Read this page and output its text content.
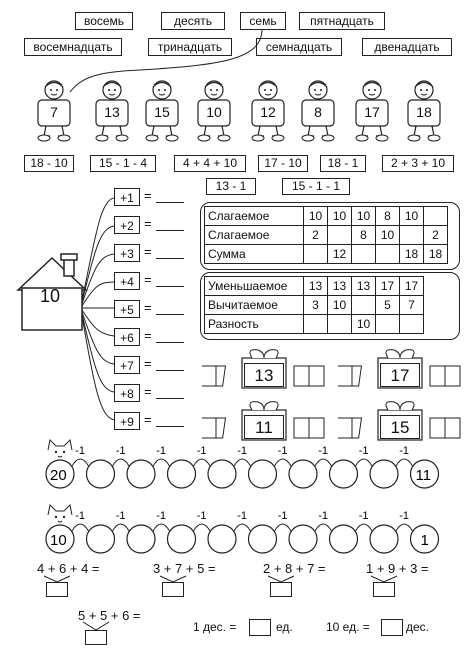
восемь	десять	семь	пятнадцать
восемнадцать	тринадцать	семнадцать	двенадцать
7	13	15	10	12	8	17	18
18 - 10	15 - 1 - 4	4 + 4 + 10	17 - 10	18 - 1	2 + 3 + 10
13 - 1	15 - 1 - 1
10
+1 =
+2 =
+3 =
+4 =
+5 =
+6 =
+7 =
+8 =
+9 =
Слагаемое	10	10	10	8	10	
Слагаемое	2		8	10		2
Сумма		12			18	18
Уменьшаемое	13	13	13	17	17
Вычитаемое	3	10		5	7
Разность			10		
13	17
11	15
-1	-1	-1	-1	-1	-1	-1	-1	-1
20	11
-1	-1	-1	-1	-1	-1	-1	-1	-1
10	1
4 + 6 + 4 =	3 + 7 + 5 =	2 + 8 + 7 =	1 + 9 + 3 =
5 + 5 + 6 =
1 дес. =	ед.	10 ед. =	дес.
